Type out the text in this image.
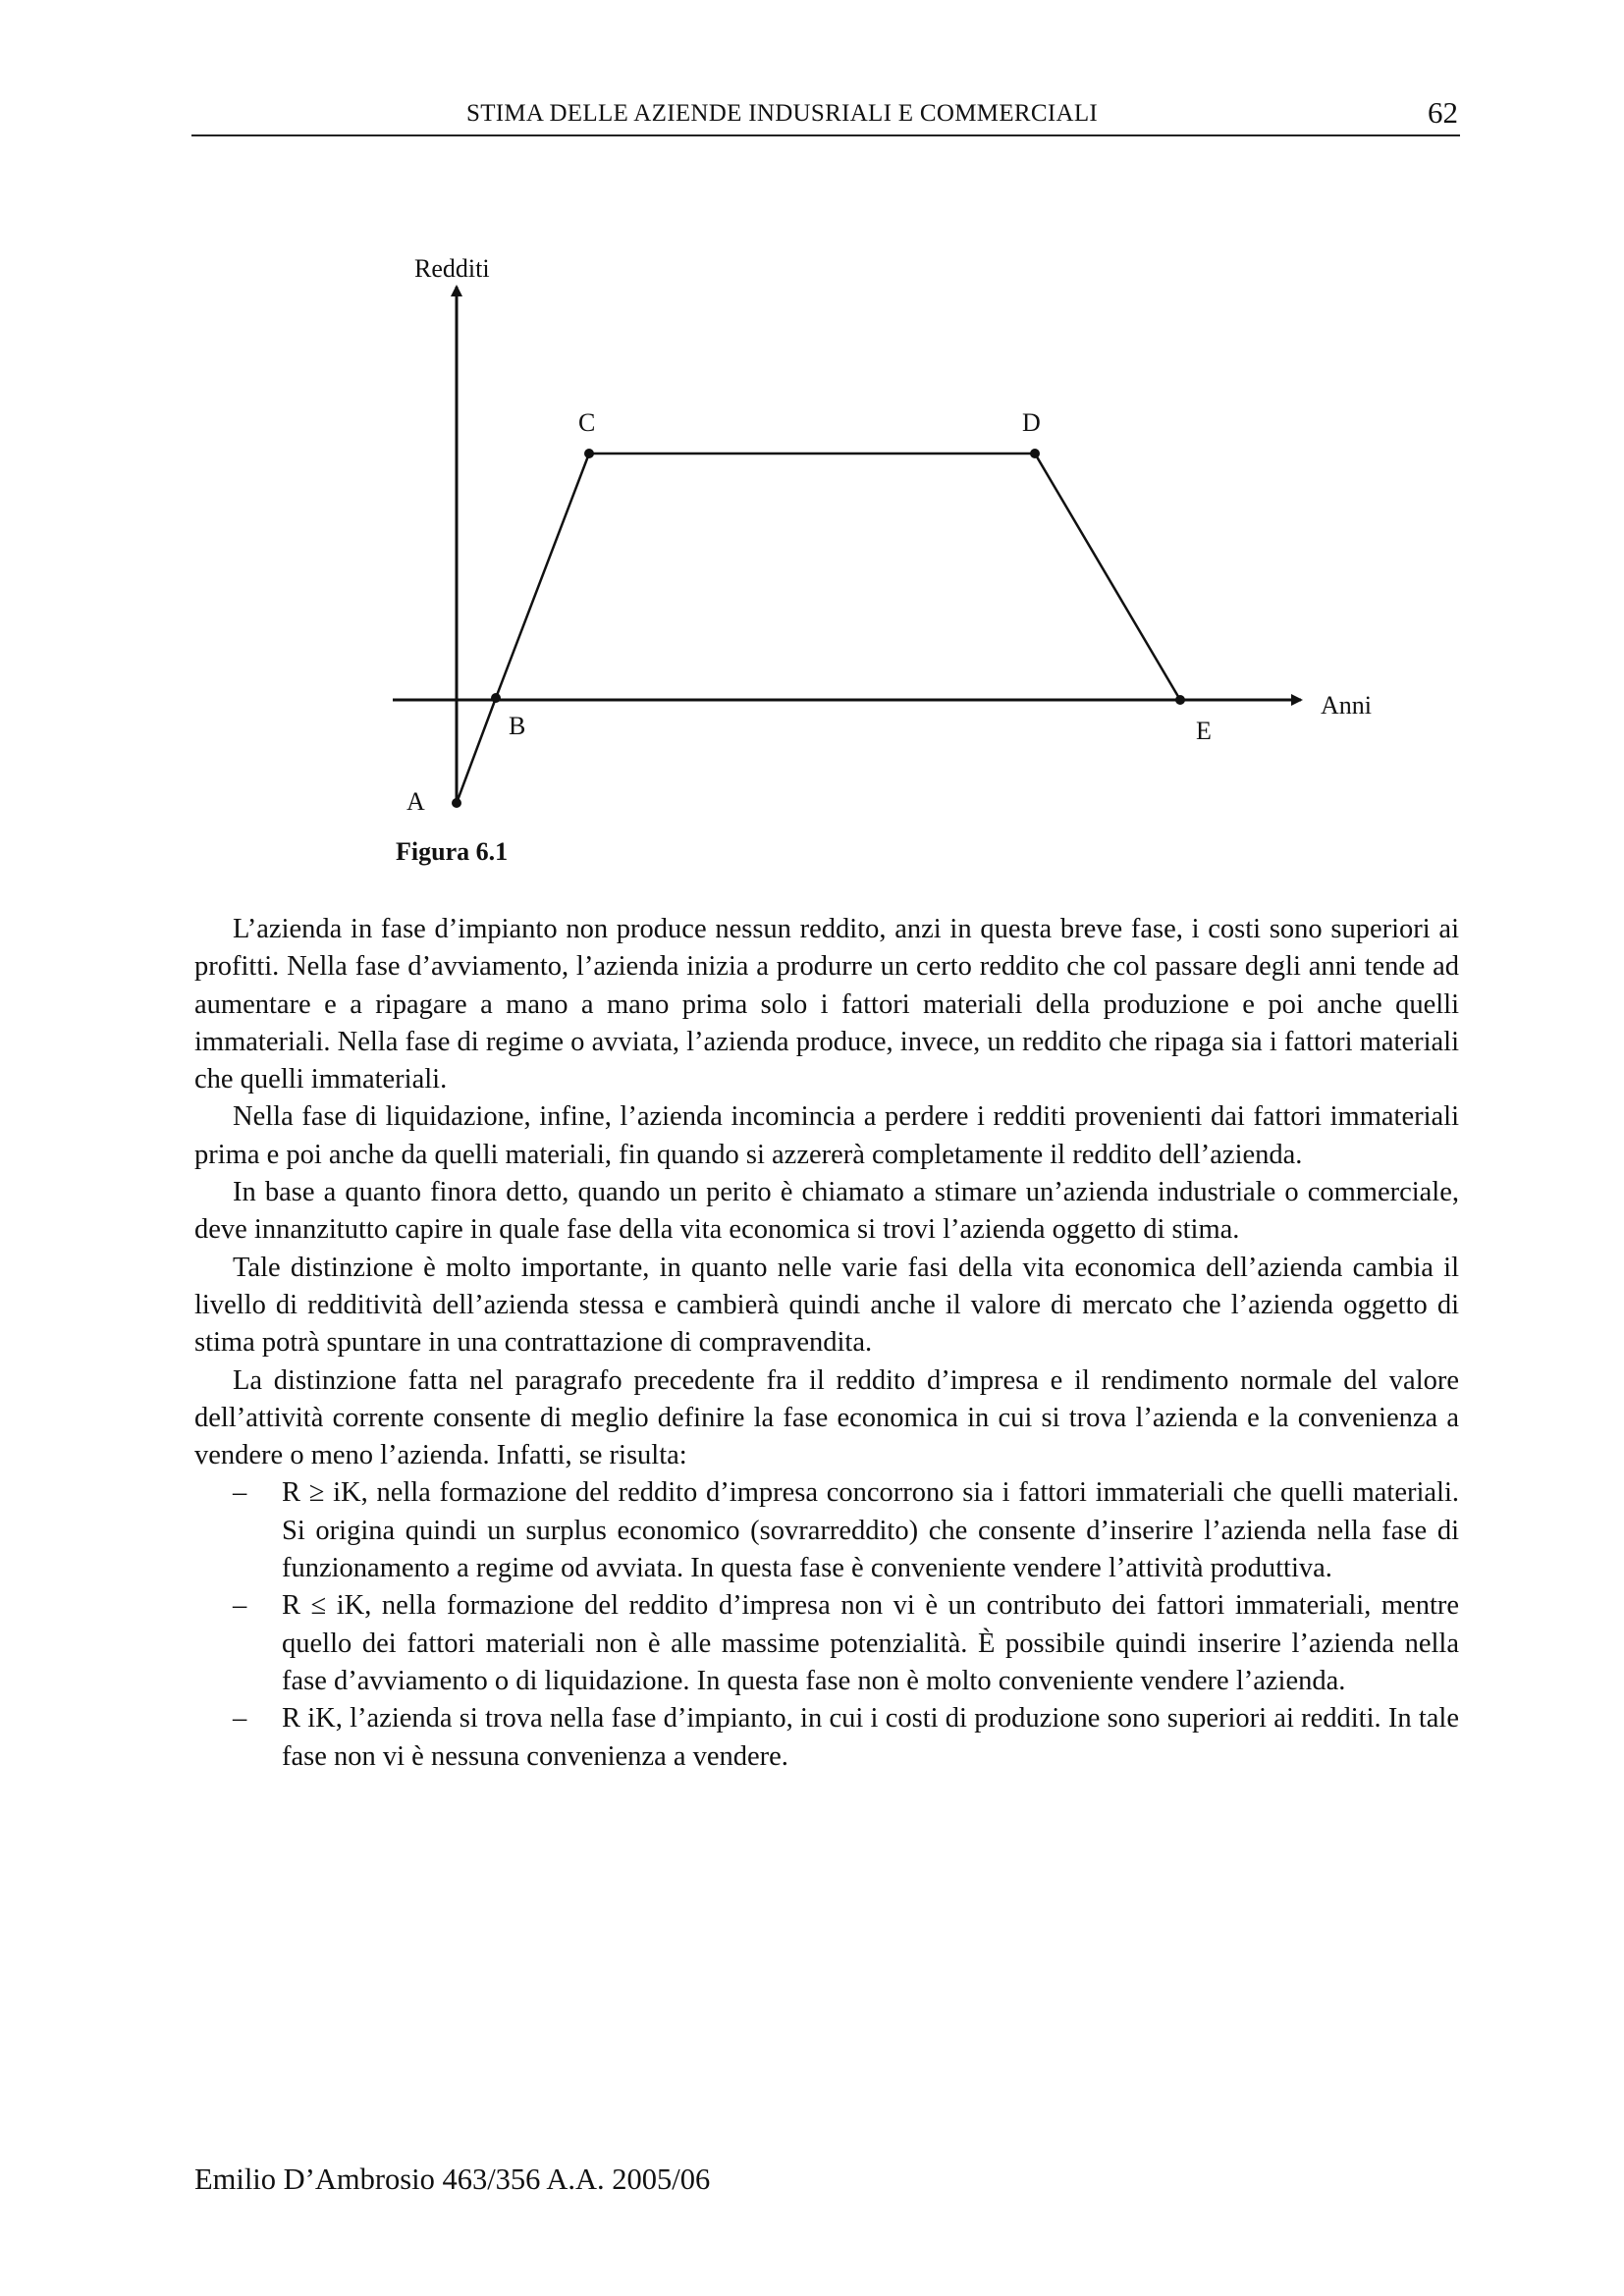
STIMA DELLE AZIENDE INDUSRIALI E COMMERCIALI	62
Redditi
Anni
A
B
C	D
E
Figura 6.1

L’azienda in fase d’impianto non produce nessun reddito, anzi in questa breve fase, i costi sono superiori ai profitti. Nella fase d’avviamento, l’azienda inizia a produrre un certo reddito che col passare degli anni tende ad aumentare e a ripagare a mano a mano prima solo i fattori materiali della produzione e poi anche quelli immateriali. Nella fase di regime o avviata, l’azienda produce, invece, un reddito che ripaga sia i fattori materiali che quelli immateriali.

Nella fase di liquidazione, infine, l’azienda incomincia a perdere i redditi provenienti dai fattori immateriali prima e poi anche da quelli materiali, fin quando si azzererà completamente il reddito dell’azienda.

In base a quanto finora detto, quando un perito è chiamato a stimare un’azienda industriale o commerciale, deve innanzitutto capire in quale fase della vita economica si trovi l’azienda oggetto di stima.

Tale distinzione è molto importante, in quanto nelle varie fasi della vita economica dell’azienda cambia il livello di redditività dell’azienda stessa e cambierà quindi anche il valore di mercato che l’azienda oggetto di stima potrà spuntare in una contrattazione di compravendita.

La distinzione fatta nel paragrafo precedente fra il reddito d’impresa e il rendimento normale del valore dell’attività corrente consente di meglio definire la fase economica in cui si trova l’azienda e la convenienza a vendere o meno l’azienda. Infatti, se risulta:

– R ≥ iK, nella formazione del reddito d’impresa concorrono sia i fattori immateriali che quelli materiali. Si origina quindi un surplus economico (sovrarreddito) che consente d’inserire l’azienda nella fase di funzionamento a regime od avviata. In questa fase è conveniente vendere l’attività produttiva.
– R ≤ iK, nella formazione del reddito d’impresa non vi è un contributo dei fattori immateriali, mentre quello dei fattori materiali non è alle massime potenzialità. È possibile quindi inserire l’azienda nella fase d’avviamento o di liquidazione. In questa fase non è molto conveniente vendere l’azienda.
– R iK, l’azienda si trova nella fase d’impianto, in cui i costi di produzione sono superiori ai redditi. In tale fase non vi è nessuna convenienza a vendere.
Emilio D’Ambrosio 463/356 A.A. 2005/06
